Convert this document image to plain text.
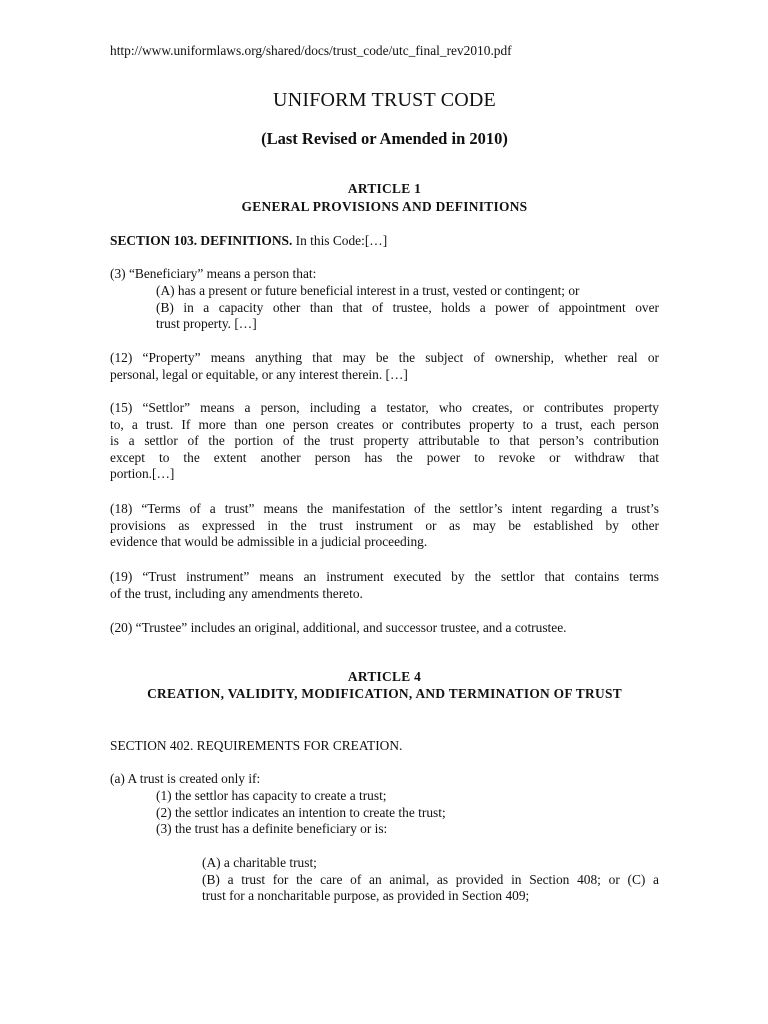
http://www.uniformlaws.org/shared/docs/trust_code/utc_final_rev2010.pdf
UNIFORM TRUST CODE
(Last Revised or Amended in 2010)
ARTICLE 1
GENERAL PROVISIONS AND DEFINITIONS
SECTION 103. DEFINITIONS. In this Code:[…]
(3) “Beneficiary” means a person that:
(A) has a present or future beneficial interest in a trust, vested or contingent; or
(B) in a capacity other than that of trustee, holds a power of appointment over
trust property. […]
(12) “Property” means anything that may be the subject of ownership, whether real or
personal, legal or equitable, or any interest therein. […]
(15) “Settlor” means a person, including a testator, who creates, or contributes property
to, a trust. If more than one person creates or contributes property to a trust, each person
is a settlor of the portion of the trust property attributable to that person’s contribution
except to the extent another person has the power to revoke or withdraw that
portion.[…]
(18) “Terms of a trust” means the manifestation of the settlor’s intent regarding a trust’s
provisions as expressed in the trust instrument or as may be established by other
evidence that would be admissible in a judicial proceeding.
(19) “Trust instrument” means an instrument executed by the settlor that contains terms
of the trust, including any amendments thereto.
(20) “Trustee” includes an original, additional, and successor trustee, and a cotrustee.
ARTICLE 4
CREATION, VALIDITY, MODIFICATION, AND TERMINATION OF TRUST
SECTION 402. REQUIREMENTS FOR CREATION.
(a) A trust is created only if:
(1) the settlor has capacity to create a trust;
(2) the settlor indicates an intention to create the trust;
(3) the trust has a definite beneficiary or is:
(A) a charitable trust;
(B) a trust for the care of an animal, as provided in Section 408; or (C) a
trust for a noncharitable purpose, as provided in Section 409;
